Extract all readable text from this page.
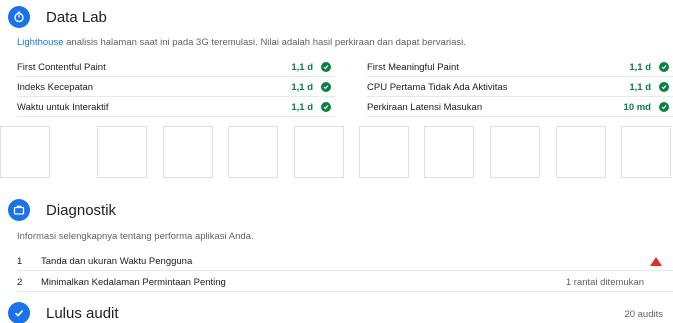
Data Lab
Lighthouse analisis halaman saat ini pada 3G teremulasi. Nilai adalah hasil perkiraan dan dapat bervariasi.
First Contentful Paint	1,1 d
Indeks Kecepatan	1,1 d
Waktu untuk Interaktif	1,1 d
First Meaningful Paint	1,1 d
CPU Pertama Tidak Ada Aktivitas	1,1 d
Perkiraan Latensi Masukan	10 md
Diagnostik
Informasi selengkapnya tentang performa aplikasi Anda.
1	Tanda dan ukuran Waktu Pengguna
2	Minimalkan Kedalaman Permintaan Penting	1 rantai ditemukan
Lulus audit	20 audits
